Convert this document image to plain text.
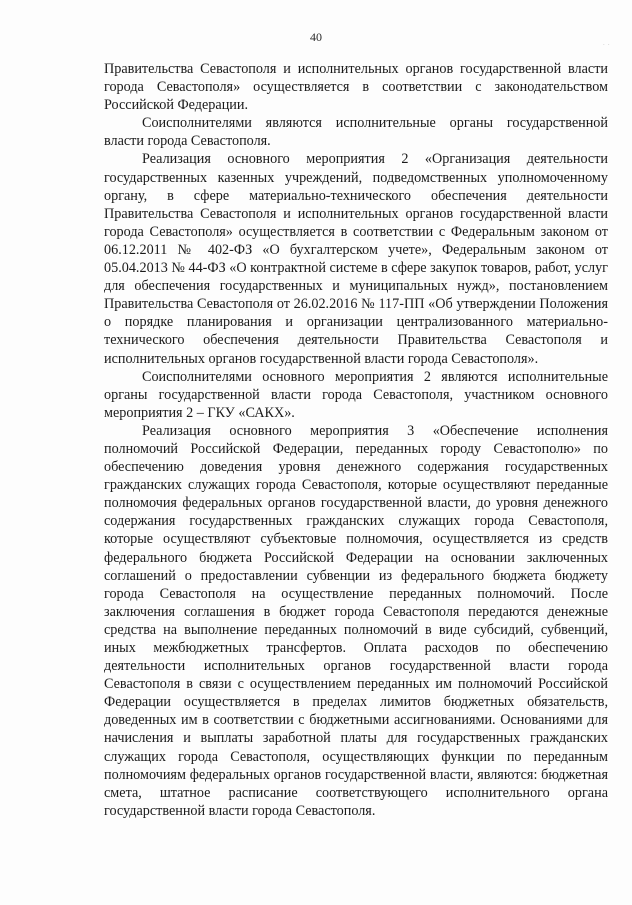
40
· ·

Правительства Севастополя и исполнительных органов государственной власти города Севастополя» осуществляется в соответствии с законодательством Российской Федерации.

Соисполнителями являются исполнительные органы государственной власти города Севастополя.

Реализация основного мероприятия 2 «Организация деятельности государственных казенных учреждений, подведомственных уполномоченному органу, в сфере материально-технического обеспечения деятельности Правительства Севастополя и исполнительных органов государственной власти города Севастополя» осуществляется в соответствии с Федеральным законом от 06.12.2011 № 402-ФЗ «О бухгалтерском учете», Федеральным законом от 05.04.2013 № 44-ФЗ «О контрактной системе в сфере закупок товаров, работ, услуг для обеспечения государственных и муниципальных нужд», постановлением Правительства Севастополя от 26.02.2016 № 117-ПП «Об утверждении Положения о порядке планирования и организации централизованного материально-технического обеспечения деятельности Правительства Севастополя и исполнительных органов государственной власти города Севастополя».

Соисполнителями основного мероприятия 2 являются исполнительные органы государственной власти города Севастополя, участником основного мероприятия 2 – ГКУ «САКХ».

Реализация основного мероприятия 3 «Обеспечение исполнения полномочий Российской Федерации, переданных городу Севастополю» по обеспечению доведения уровня денежного содержания государственных гражданских служащих города Севастополя, которые осуществляют переданные полномочия федеральных органов государственной власти, до уровня денежного содержания государственных гражданских служащих города Севастополя, которые осуществляют субъектовые полномочия, осуществляется из средств федерального бюджета Российской Федерации на основании заключенных соглашений о предоставлении субвенции из федерального бюджета бюджету города Севастополя на осуществление переданных полномочий. После заключения соглашения в бюджет города Севастополя передаются денежные средства на выполнение переданных полномочий в виде субсидий, субвенций, иных межбюджетных трансфертов. Оплата расходов по обеспечению деятельности исполнительных органов государственной власти города Севастополя в связи с осуществлением переданных им полномочий Российской Федерации осуществляется в пределах лимитов бюджетных обязательств, доведенных им в соответствии с бюджетными ассигнованиями. Основаниями для начисления и выплаты заработной платы для государственных гражданских служащих города Севастополя, осуществляющих функции по переданным полномочиям федеральных органов государственной власти, являются: бюджетная смета, штатное расписание соответствующего исполнительного органа государственной власти города Севастополя.
